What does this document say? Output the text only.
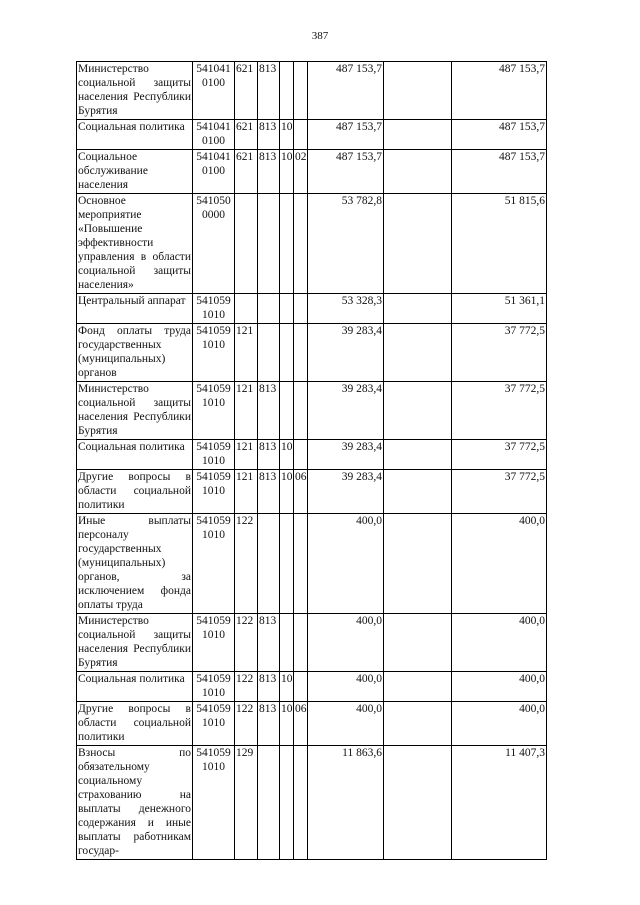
387
Министерство социальной защиты населения Республики Бурятия	5410410100	621	813			487 153,7		487 153,7
Социальная политика	5410410100	621	813	10		487 153,7		487 153,7
Социальное обслуживание населения	5410410100	621	813	10	02	487 153,7		487 153,7
Основное мероприятие «Повышение эффективности управления в области социальной защиты населения»	5410500000					53 782,8		51 815,6
Центральный аппарат	5410591010					53 328,3		51 361,1
Фонд оплаты труда государственных (муниципальных) органов	5410591010	121				39 283,4		37 772,5
Министерство социальной защиты населения Республики Бурятия	5410591010	121	813			39 283,4		37 772,5
Социальная политика	5410591010	121	813	10		39 283,4		37 772,5
Другие вопросы в области социальной политики	5410591010	121	813	10	06	39 283,4		37 772,5
Иные выплаты персоналу государственных (муниципальных) органов, за исключением фонда оплаты труда	5410591010	122				400,0		400,0
Министерство социальной защиты населения Республики Бурятия	5410591010	122	813			400,0		400,0
Социальная политика	5410591010	122	813	10		400,0		400,0
Другие вопросы в области социальной политики	5410591010	122	813	10	06	400,0		400,0
Взносы по обязательному социальному страхованию на выплаты денежного содержания и иные выплаты работникам государ-	5410591010	129				11 863,6		11 407,3
